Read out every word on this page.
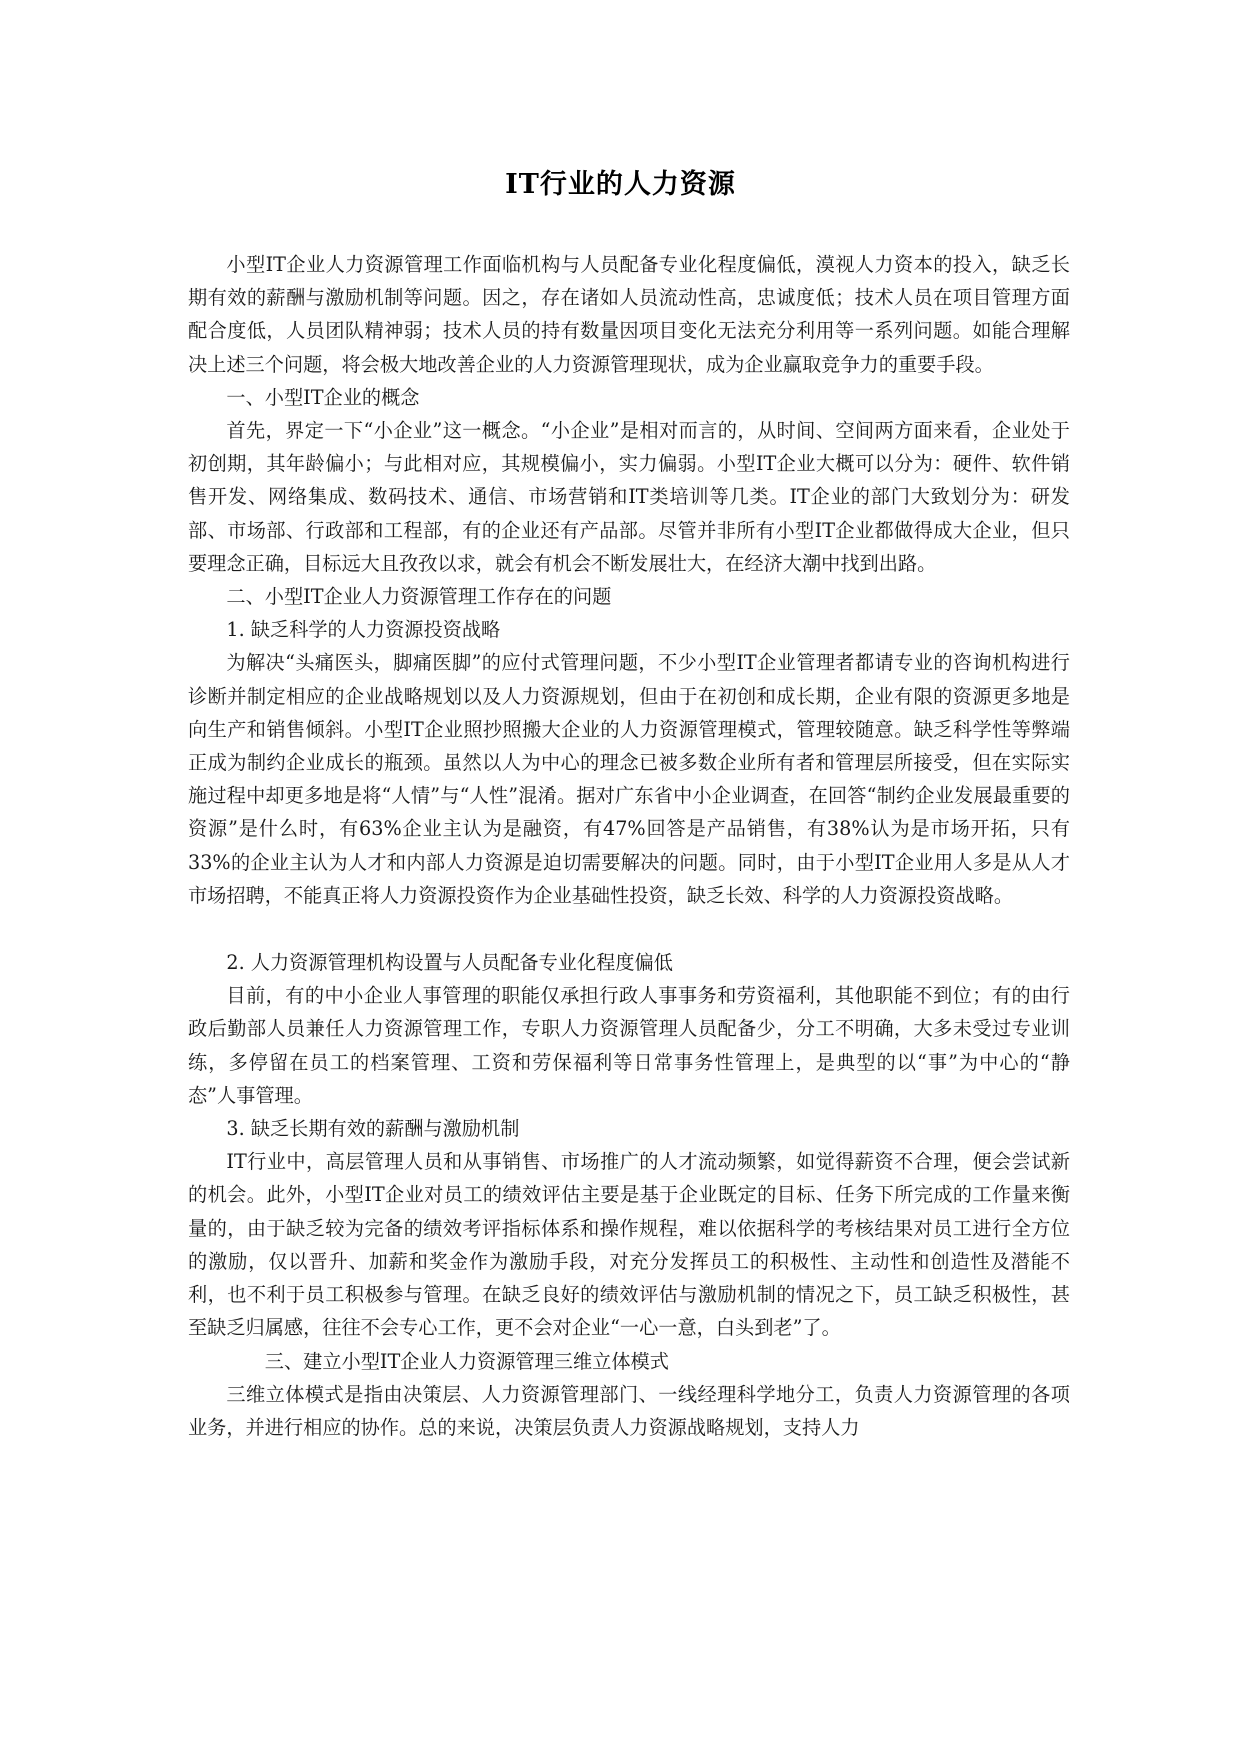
IT行业的人力资源

小型IT企业人力资源管理工作面临机构与人员配备专业化程度偏低，漠视人力资本的投入，缺乏长期有效的薪酬与激励机制等问题。因之，存在诸如人员流动性高，忠诚度低；技术人员在项目管理方面配合度低，人员团队精神弱；技术人员的持有数量因项目变化无法充分利用等一系列问题。如能合理解决上述三个问题，将会极大地改善企业的人力资源管理现状，成为企业赢取竞争力的重要手段。

一、小型IT企业的概念

首先，界定一下“小企业”这一概念。“小企业”是相对而言的，从时间、空间两方面来看，企业处于初创期，其年龄偏小；与此相对应，其规模偏小，实力偏弱。小型IT企业大概可以分为：硬件、软件销售开发、网络集成、数码技术、通信、市场营销和IT类培训等几类。IT企业的部门大致划分为：研发部、市场部、行政部和工程部，有的企业还有产品部。尽管并非所有小型IT企业都做得成大企业，但只要理念正确，目标远大且孜孜以求，就会有机会不断发展壮大，在经济大潮中找到出路。

二、小型IT企业人力资源管理工作存在的问题

1. 缺乏科学的人力资源投资战略

为解决“头痛医头，脚痛医脚”的应付式管理问题，不少小型IT企业管理者都请专业的咨询机构进行诊断并制定相应的企业战略规划以及人力资源规划，但由于在初创和成长期，企业有限的资源更多地是向生产和销售倾斜。小型IT企业照抄照搬大企业的人力资源管理模式，管理较随意。缺乏科学性等弊端正成为制约企业成长的瓶颈。虽然以人为中心的理念已被多数企业所有者和管理层所接受，但在实际实施过程中却更多地是将“人情”与“人性”混淆。据对广东省中小企业调查，在回答“制约企业发展最重要的资源”是什么时，有63%企业主认为是融资，有47%回答是产品销售，有38%认为是市场开拓，只有33%的企业主认为人才和内部人力资源是迫切需要解决的问题。同时，由于小型IT企业用人多是从人才市场招聘，不能真正将人力资源投资作为企业基础性投资，缺乏长效、科学的人力资源投资战略。

2. 人力资源管理机构设置与人员配备专业化程度偏低

目前，有的中小企业人事管理的职能仅承担行政人事事务和劳资福利，其他职能不到位；有的由行政后勤部人员兼任人力资源管理工作，专职人力资源管理人员配备少，分工不明确，大多未受过专业训练，多停留在员工的档案管理、工资和劳保福利等日常事务性管理上，是典型的以“事”为中心的“静态”人事管理。

3. 缺乏长期有效的薪酬与激励机制

IT行业中，高层管理人员和从事销售、市场推广的人才流动频繁，如觉得薪资不合理，便会尝试新的机会。此外，小型IT企业对员工的绩效评估主要是基于企业既定的目标、任务下所完成的工作量来衡量的，由于缺乏较为完备的绩效考评指标体系和操作规程，难以依据科学的考核结果对员工进行全方位的激励，仅以晋升、加薪和奖金作为激励手段，对充分发挥员工的积极性、主动性和创造性及潜能不利，也不利于员工积极参与管理。在缺乏良好的绩效评估与激励机制的情况之下，员工缺乏积极性，甚至缺乏归属感，往往不会专心工作，更不会对企业“一心一意，白头到老”了。

三、建立小型IT企业人力资源管理三维立体模式

三维立体模式是指由决策层、人力资源管理部门、一线经理科学地分工，负责人力资源管理的各项业务，并进行相应的协作。总的来说，决策层负责人力资源战略规划，支持人力
